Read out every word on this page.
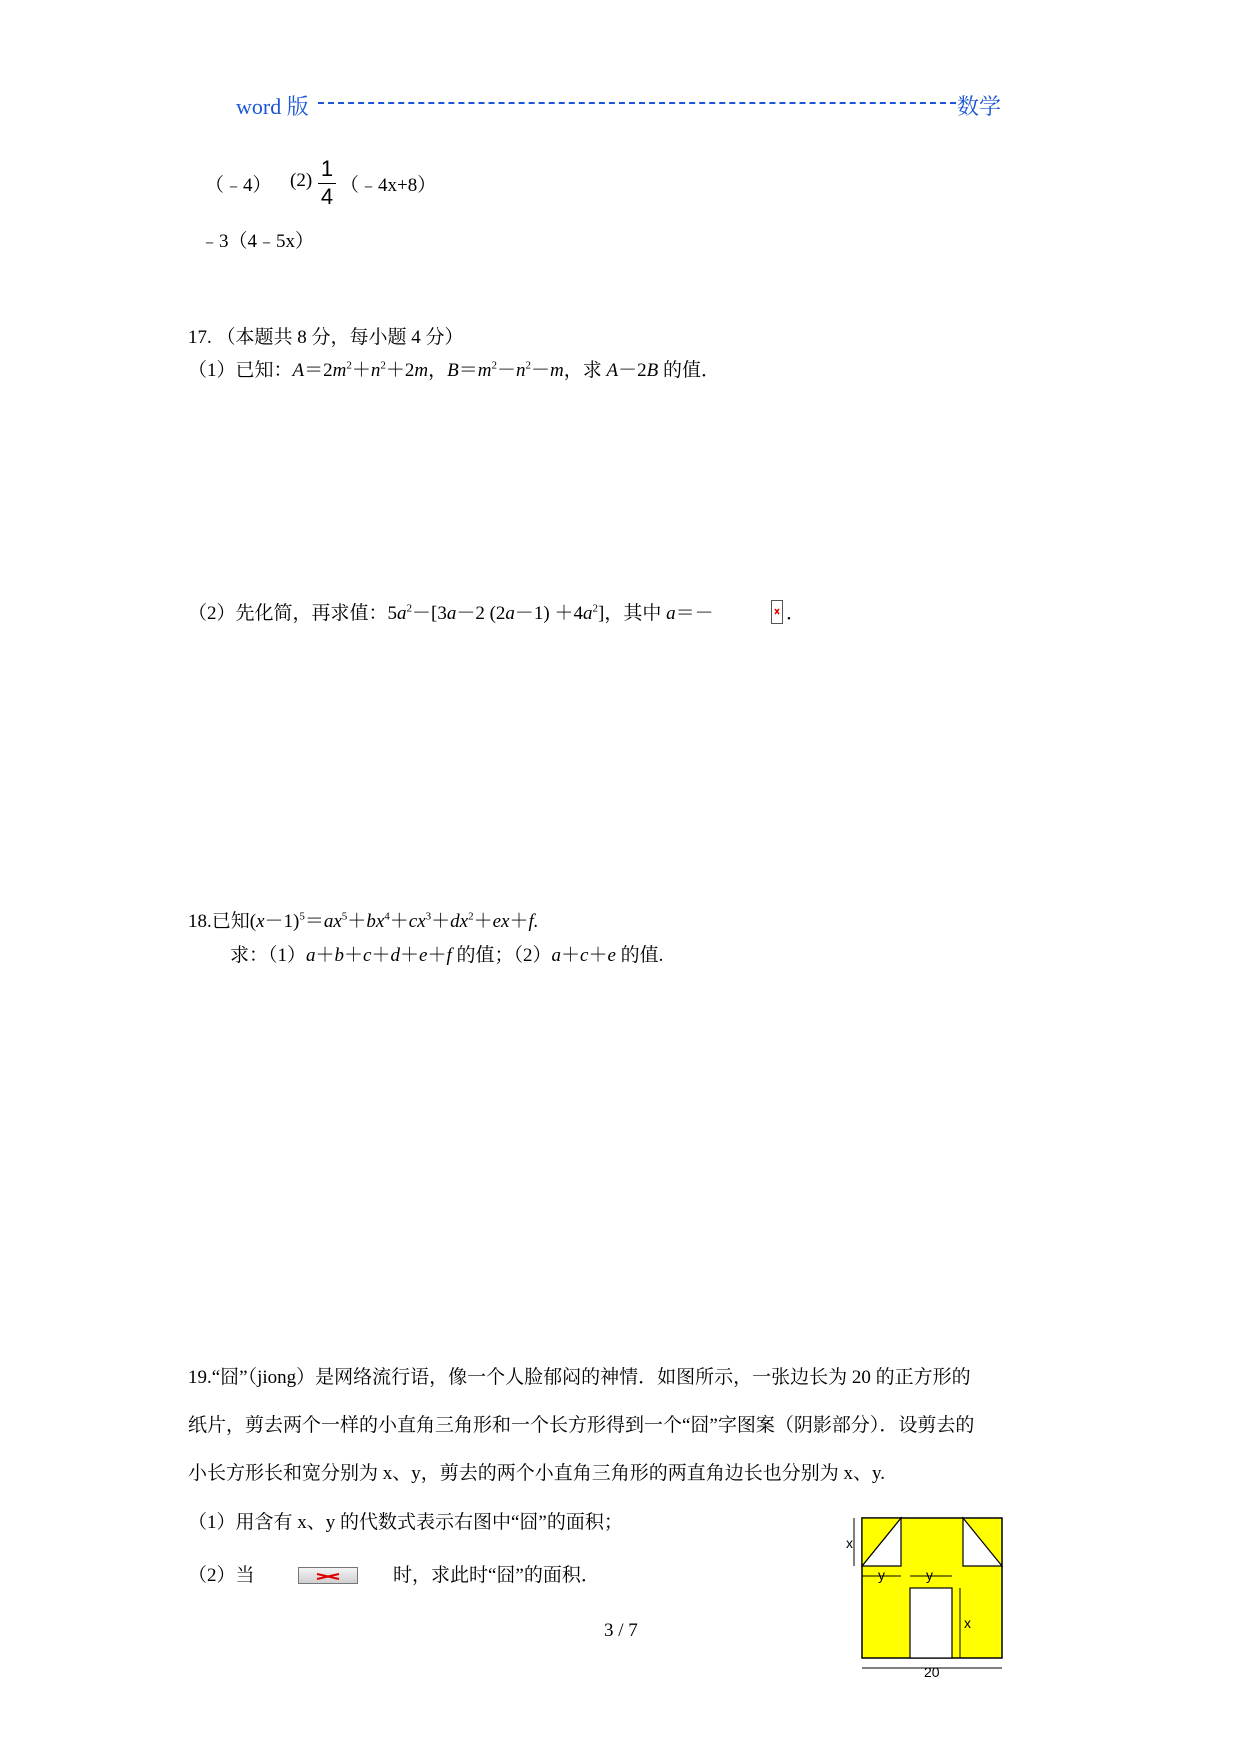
word 版	数学
（﹣4） (2) 1
4 （﹣4x+8）
﹣3（4﹣5x）
17. （本题共 8 分，每小题 4 分）
（1）已知：$A=2m^2+n^2+2m$，$B=m^2-n^2-m$，求 A－2B 的值．
（2）先化简，再求值：$5a^2-[3a-2$ $(2a-1) +4a^2$]，其中 a＝－	．
18.已知$(x-1)^5=ax^5+bx^4+cx^3+dx^2+ex+f$.
求：（1）a＋b＋c＋d＋e＋f 的值；（2）a＋c＋e 的值.
19.“囧”（jiong）是网络流行语，像一个人脸郁闷的神情．如图所示，一张边长为 20 的正方形的
纸片，剪去两个一样的小直角三角形和一个长方形得到一个“囧”字图案（阴影部分）．设剪去的
小长方形长和宽分别为 x、y，剪去的两个小直角三角形的两直角边长也分别为 x、y.
（1）用含有 x、y 的代数式表示右图中“囧”的面积；
（2）当	时，求此时“囧”的面积．
x
y	y
x
20
3 / 7
